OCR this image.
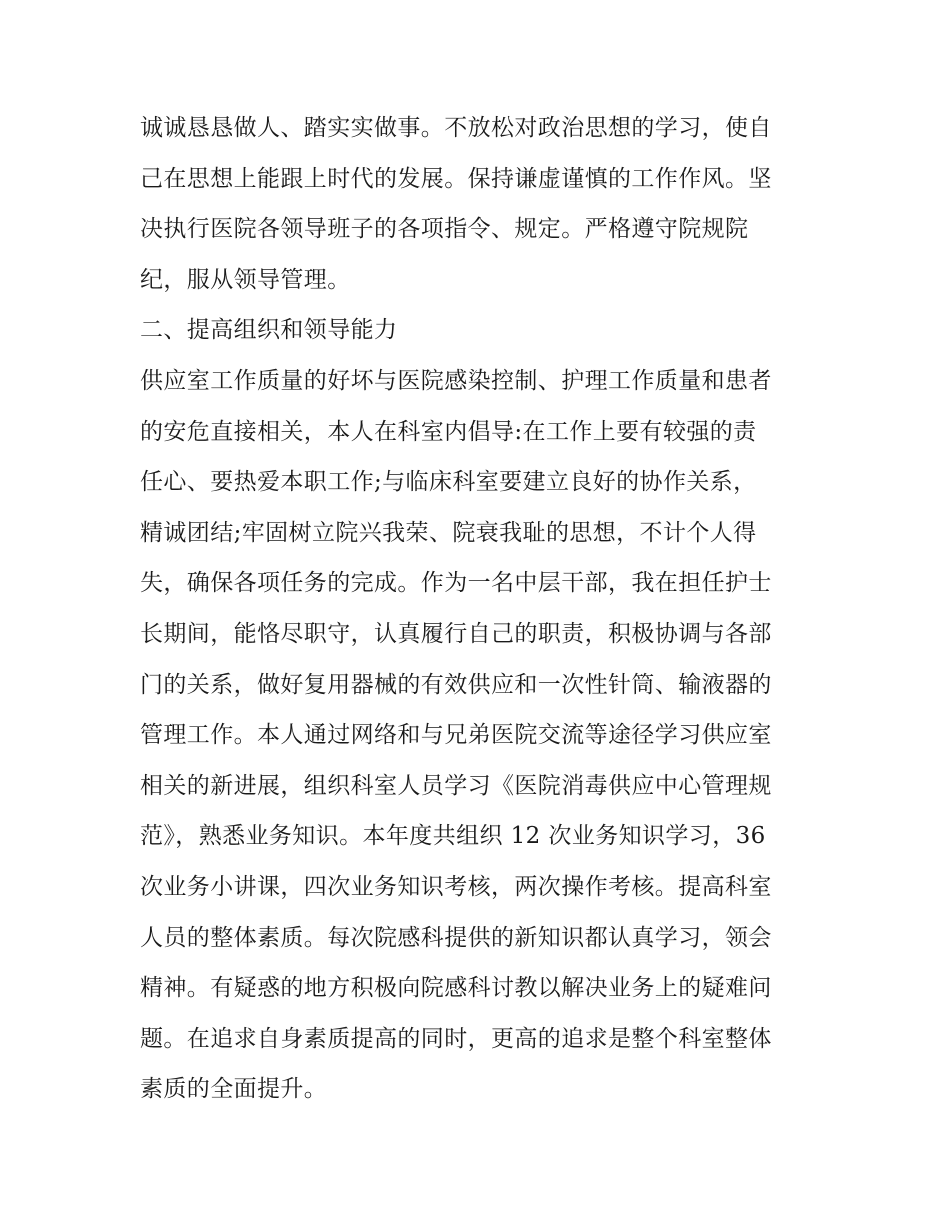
诚诚恳恳做人、踏实实做事。不放松对政治思想的学习，使自
己在思想上能跟上时代的发展。保持谦虚谨慎的工作作风。坚
决执行医院各领导班子的各项指令、规定。严格遵守院规院
纪，服从领导管理。
二、提高组织和领导能力
供应室工作质量的好坏与医院感染控制、护理工作质量和患者
的安危直接相关，本人在科室内倡导:在工作上要有较强的责
任心、要热爱本职工作;与临床科室要建立良好的协作关系，
精诚团结;牢固树立院兴我荣、院衰我耻的思想，不计个人得
失，确保各项任务的完成。作为一名中层干部，我在担任护士
长期间，能恪尽职守，认真履行自己的职责，积极协调与各部
门的关系，做好复用器械的有效供应和一次性针筒、输液器的
管理工作。本人通过网络和与兄弟医院交流等途径学习供应室
相关的新进展，组织科室人员学习《医院消毒供应中心管理规
范》，熟悉业务知识。本年度共组织 12 次业务知识学习，36
次业务小讲课，四次业务知识考核，两次操作考核。提高科室
人员的整体素质。每次院感科提供的新知识都认真学习，领会
精神。有疑惑的地方积极向院感科讨教以解决业务上的疑难问
题。在追求自身素质提高的同时，更高的追求是整个科室整体
素质的全面提升。
